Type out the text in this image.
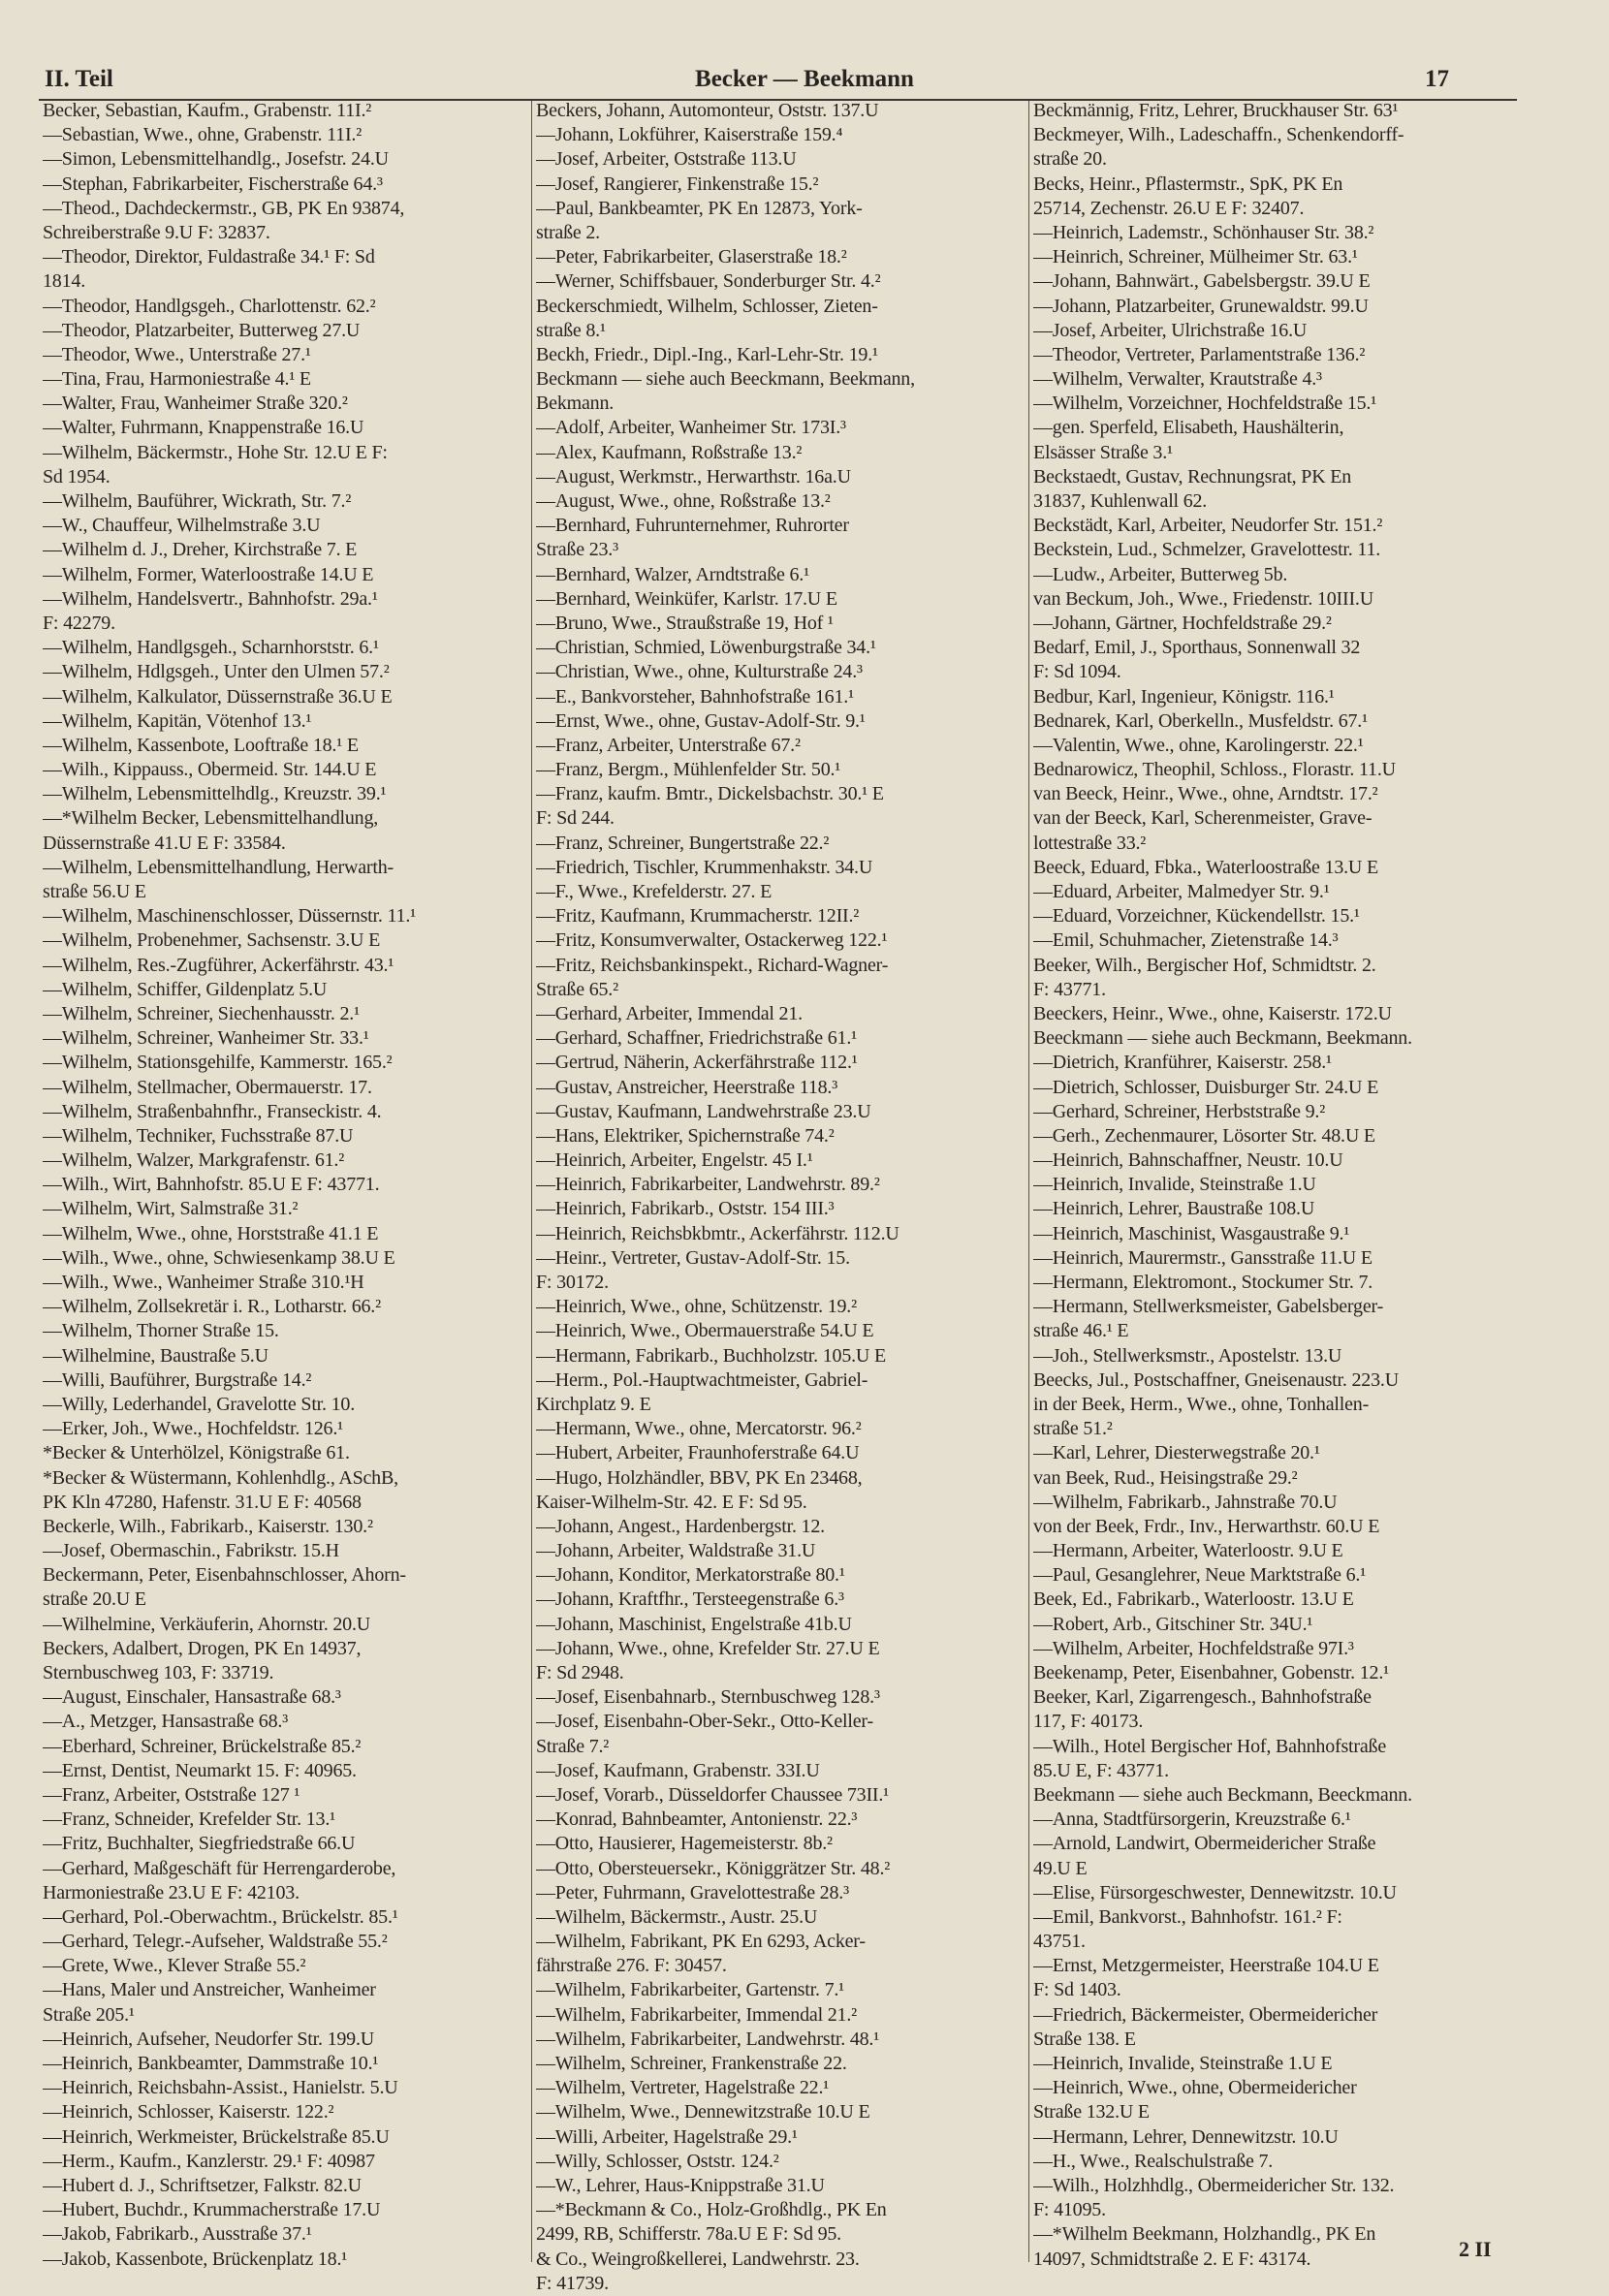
II. Teil	Becker — Beekmann	17
Becker, Sebastian, Kaufm., Grabenstr. 11I.²
—Sebastian, Wwe., ohne, Grabenstr. 11I.²
—Simon, Lebensmittelhandlg., Josefstr. 24.U
—Stephan, Fabrikarbeiter, Fischerstraße 64.³
—Theod., Dachdeckermstr., GB, PK En 93874,
Schreiberstraße 9.U F: 32837.
—Theodor, Direktor, Fuldastraße 34.¹ F: Sd
1814.
—Theodor, Handlgsgeh., Charlottenstr. 62.²
—Theodor, Platzarbeiter, Butterweg 27.U
—Theodor, Wwe., Unterstraße 27.¹
—Tina, Frau, Harmoniestraße 4.¹ E
—Walter, Frau, Wanheimer Straße 320.²
—Walter, Fuhrmann, Knappenstraße 16.U
—Wilhelm, Bäckermstr., Hohe Str. 12.U E F:
Sd 1954.
—Wilhelm, Bauführer, Wickrath, Str. 7.²
—W., Chauffeur, Wilhelmstraße 3.U
—Wilhelm d. J., Dreher, Kirchstraße 7. E
—Wilhelm, Former, Waterloostraße 14.U E
—Wilhelm, Handelsvertr., Bahnhofstr. 29a.¹
F: 42279.
—Wilhelm, Handlgsgeh., Scharnhorststr. 6.¹
—Wilhelm, Hdlgsgeh., Unter den Ulmen 57.²
—Wilhelm, Kalkulator, Düssernstraße 36.U E
—Wilhelm, Kapitän, Vötenhof 13.¹
—Wilhelm, Kassenbote, Looftraße 18.¹ E
—Wilh., Kippauss., Obermeid. Str. 144.U E
—Wilhelm, Lebensmittelhdlg., Kreuzstr. 39.¹
—*Wilhelm Becker, Lebensmittelhandlung,
Düssernstraße 41.U E F: 33584.
—Wilhelm, Lebensmittelhandlung, Herwarth-
straße 56.U E
—Wilhelm, Maschinenschlosser, Düssernstr. 11.¹
—Wilhelm, Probenehmer, Sachsenstr. 3.U E
—Wilhelm, Res.-Zugführer, Ackerfährstr. 43.¹
—Wilhelm, Schiffer, Gildenplatz 5.U
—Wilhelm, Schreiner, Siechenhausstr. 2.¹
—Wilhelm, Schreiner, Wanheimer Str. 33.¹
—Wilhelm, Stationsgehilfe, Kammerstr. 165.²
—Wilhelm, Stellmacher, Obermauerstr. 17.
—Wilhelm, Straßenbahnfhr., Franseckistr. 4.
—Wilhelm, Techniker, Fuchsstraße 87.U
—Wilhelm, Walzer, Markgrafenstr. 61.²
—Wilh., Wirt, Bahnhofstr. 85.U E F: 43771.
—Wilhelm, Wirt, Salmstraße 31.²
—Wilhelm, Wwe., ohne, Horststraße 41.1 E
—Wilh., Wwe., ohne, Schwiesenkamp 38.U E
—Wilh., Wwe., Wanheimer Straße 310.¹H
—Wilhelm, Zollsekretär i. R., Lotharstr. 66.²
—Wilhelm, Thorner Straße 15.
—Wilhelmine, Baustraße 5.U
—Willi, Bauführer, Burgstraße 14.²
—Willy, Lederhandel, Gravelotte Str. 10.
—Erker, Joh., Wwe., Hochfeldstr. 126.¹
*Becker & Unterhölzel, Königstraße 61.
*Becker & Wüstermann, Kohlenhdlg., ASchB,
PK Kln 47280, Hafenstr. 31.U E F: 40568
Beckerle, Wilh., Fabrikarb., Kaiserstr. 130.²
—Josef, Obermaschin., Fabrikstr. 15.H
Beckermann, Peter, Eisenbahnschlosser, Ahorn-
straße 20.U E
—Wilhelmine, Verkäuferin, Ahornstr. 20.U
Beckers, Adalbert, Drogen, PK En 14937,
Sternbuschweg 103, F: 33719.
—August, Einschaler, Hansastraße 68.³
—A., Metzger, Hansastraße 68.³
—Eberhard, Schreiner, Brückelstraße 85.²
—Ernst, Dentist, Neumarkt 15. F: 40965.
—Franz, Arbeiter, Oststraße 127 ¹
—Franz, Schneider, Krefelder Str. 13.¹
—Fritz, Buchhalter, Siegfriedstraße 66.U
—Gerhard, Maßgeschäft für Herrengarderobe,
Harmoniestraße 23.U E F: 42103.
—Gerhard, Pol.-Oberwachtm., Brückelstr. 85.¹
—Gerhard, Telegr.-Aufseher, Waldstraße 55.²
—Grete, Wwe., Klever Straße 55.²
—Hans, Maler und Anstreicher, Wanheimer
Straße 205.¹
—Heinrich, Aufseher, Neudorfer Str. 199.U
—Heinrich, Bankbeamter, Dammstraße 10.¹
—Heinrich, Reichsbahn-Assist., Hanielstr. 5.U
—Heinrich, Schlosser, Kaiserstr. 122.²
—Heinrich, Werkmeister, Brückelstraße 85.U
—Herm., Kaufm., Kanzlerstr. 29.¹ F: 40987
—Hubert d. J., Schriftsetzer, Falkstr. 82.U
—Hubert, Buchdr., Krummacherstraße 17.U
—Jakob, Fabrikarb., Ausstraße 37.¹
—Jakob, Kassenbote, Brückenplatz 18.¹
Beckers, Johann, Automonteur, Oststr. 137.U
—Johann, Lokführer, Kaiserstraße 159.⁴
—Josef, Arbeiter, Oststraße 113.U
—Josef, Rangierer, Finkenstraße 15.²
—Paul, Bankbeamter, PK En 12873, York-
straße 2.
—Peter, Fabrikarbeiter, Glaserstraße 18.²
—Werner, Schiffsbauer, Sonderburger Str. 4.²
Beckerschmiedt, Wilhelm, Schlosser, Zieten-
straße 8.¹
Beckh, Friedr., Dipl.-Ing., Karl-Lehr-Str. 19.¹
Beckmann — siehe auch Beeckmann, Beekmann,
Bekmann.
—Adolf, Arbeiter, Wanheimer Str. 173I.³
—Alex, Kaufmann, Roßstraße 13.²
—August, Werkmstr., Herwarthstr. 16a.U
—August, Wwe., ohne, Roßstraße 13.²
—Bernhard, Fuhrunternehmer, Ruhrorter
Straße 23.³
—Bernhard, Walzer, Arndtstraße 6.¹
—Bernhard, Weinküfer, Karlstr. 17.U E
—Bruno, Wwe., Straußstraße 19, Hof ¹
—Christian, Schmied, Löwenburgstraße 34.¹
—Christian, Wwe., ohne, Kulturstraße 24.³
—E., Bankvorsteher, Bahnhofstraße 161.¹
—Ernst, Wwe., ohne, Gustav-Adolf-Str. 9.¹
—Franz, Arbeiter, Unterstraße 67.²
—Franz, Bergm., Mühlenfelder Str. 50.¹
—Franz, kaufm. Bmtr., Dickelsbachstr. 30.¹ E
F: Sd 244.
—Franz, Schreiner, Bungertstraße 22.²
—Friedrich, Tischler, Krummenhakstr. 34.U
—F., Wwe., Krefelderstr. 27. E
—Fritz, Kaufmann, Krummacherstr. 12II.²
—Fritz, Konsumverwalter, Ostackerweg 122.¹
—Fritz, Reichsbankinspekt., Richard-Wagner-
Straße 65.²
—Gerhard, Arbeiter, Immendal 21.
—Gerhard, Schaffner, Friedrichstraße 61.¹
—Gertrud, Näherin, Ackerfährstraße 112.¹
—Gustav, Anstreicher, Heerstraße 118.³
—Gustav, Kaufmann, Landwehrstraße 23.U
—Hans, Elektriker, Spichernstraße 74.²
—Heinrich, Arbeiter, Engelstr. 45 I.¹
—Heinrich, Fabrikarbeiter, Landwehrstr. 89.²
—Heinrich, Fabrikarb., Oststr. 154 III.³
—Heinrich, Reichsbkbmtr., Ackerfährstr. 112.U
—Heinr., Vertreter, Gustav-Adolf-Str. 15.
F: 30172.
—Heinrich, Wwe., ohne, Schützenstr. 19.²
—Heinrich, Wwe., Obermauerstraße 54.U E
—Hermann, Fabrikarb., Buchholzstr. 105.U E
—Herm., Pol.-Hauptwachtmeister, Gabriel-
Kirchplatz 9. E
—Hermann, Wwe., ohne, Mercatorstr. 96.²
—Hubert, Arbeiter, Fraunhoferstraße 64.U
—Hugo, Holzhändler, BBV, PK En 23468,
Kaiser-Wilhelm-Str. 42. E F: Sd 95.
—Johann, Angest., Hardenbergstr. 12.
—Johann, Arbeiter, Waldstraße 31.U
—Johann, Konditor, Merkatorstraße 80.¹
—Johann, Kraftfhr., Tersteegenstraße 6.³
—Johann, Maschinist, Engelstraße 41b.U
—Johann, Wwe., ohne, Krefelder Str. 27.U E
F: Sd 2948.
—Josef, Eisenbahnarb., Sternbuschweg 128.³
—Josef, Eisenbahn-Ober-Sekr., Otto-Keller-
Straße 7.²
—Josef, Kaufmann, Grabenstr. 33I.U
—Josef, Vorarb., Düsseldorfer Chaussee 73II.¹
—Konrad, Bahnbeamter, Antonienstr. 22.³
—Otto, Hausierer, Hagemeisterstr. 8b.²
—Otto, Obersteuersekr., Königgrätzer Str. 48.²
—Peter, Fuhrmann, Gravelottestraße 28.³
—Wilhelm, Bäckermstr., Austr. 25.U
—Wilhelm, Fabrikant, PK En 6293, Acker-
fährstraße 276. F: 30457.
—Wilhelm, Fabrikarbeiter, Gartenstr. 7.¹
—Wilhelm, Fabrikarbeiter, Immendal 21.²
—Wilhelm, Fabrikarbeiter, Landwehrstr. 48.¹
—Wilhelm, Schreiner, Frankenstraße 22.
—Wilhelm, Vertreter, Hagelstraße 22.¹
—Wilhelm, Wwe., Dennewitzstraße 10.U E
—Willi, Arbeiter, Hagelstraße 29.¹
—Willy, Schlosser, Oststr. 124.²
—W., Lehrer, Haus-Knippstraße 31.U
—*Beckmann & Co., Holz-Großhdlg., PK En
2499, RB, Schifferstr. 78a.U E F: Sd 95.
& Co., Weingroßkellerei, Landwehrstr. 23.
F: 41739.
Beckmännig, Fritz, Lehrer, Bruckhauser Str. 63¹
Beckmeyer, Wilh., Ladeschaffn., Schenkendorff-
straße 20.
Becks, Heinr., Pflastermstr., SpK, PK En
25714, Zechenstr. 26.U E F: 32407.
—Heinrich, Lademstr., Schönhauser Str. 38.²
—Heinrich, Schreiner, Mülheimer Str. 63.¹
—Johann, Bahnwärt., Gabelsbergstr. 39.U E
—Johann, Platzarbeiter, Grunewaldstr. 99.U
—Josef, Arbeiter, Ulrichstraße 16.U
—Theodor, Vertreter, Parlamentstraße 136.²
—Wilhelm, Verwalter, Krautstraße 4.³
—Wilhelm, Vorzeichner, Hochfeldstraße 15.¹
—gen. Sperfeld, Elisabeth, Haushälterin,
Elsässer Straße 3.¹
Beckstaedt, Gustav, Rechnungsrat, PK En
31837, Kuhlenwall 62.
Beckstädt, Karl, Arbeiter, Neudorfer Str. 151.²
Beckstein, Lud., Schmelzer, Gravelottestr. 11.
—Ludw., Arbeiter, Butterweg 5b.
van Beckum, Joh., Wwe., Friedenstr. 10III.U
—Johann, Gärtner, Hochfeldstraße 29.²
Bedarf, Emil, J., Sporthaus, Sonnenwall 32
F: Sd 1094.
Bedbur, Karl, Ingenieur, Königstr. 116.¹
Bednarek, Karl, Oberkelln., Musfeldstr. 67.¹
—Valentin, Wwe., ohne, Karolingerstr. 22.¹
Bednarowicz, Theophil, Schloss., Florastr. 11.U
van Beeck, Heinr., Wwe., ohne, Arndtstr. 17.²
van der Beeck, Karl, Scherenmeister, Grave-
lottestraße 33.²
Beeck, Eduard, Fbka., Waterloostraße 13.U E
—Eduard, Arbeiter, Malmedyer Str. 9.¹
—Eduard, Vorzeichner, Kückendellstr. 15.¹
—Emil, Schuhmacher, Zietenstraße 14.³
Beeker, Wilh., Bergischer Hof, Schmidtstr. 2.
F: 43771.
Beeckers, Heinr., Wwe., ohne, Kaiserstr. 172.U
Beeckmann — siehe auch Beckmann, Beekmann.
—Dietrich, Kranführer, Kaiserstr. 258.¹
—Dietrich, Schlosser, Duisburger Str. 24.U E
—Gerhard, Schreiner, Herbststraße 9.²
—Gerh., Zechenmaurer, Lösorter Str. 48.U E
—Heinrich, Bahnschaffner, Neustr. 10.U
—Heinrich, Invalide, Steinstraße 1.U
—Heinrich, Lehrer, Baustraße 108.U
—Heinrich, Maschinist, Wasgaustraße 9.¹
—Heinrich, Maurermstr., Gansstraße 11.U E
—Hermann, Elektromont., Stockumer Str. 7.
—Hermann, Stellwerksmeister, Gabelsberger-
straße 46.¹ E
—Joh., Stellwerksmstr., Apostelstr. 13.U
Beecks, Jul., Postschaffner, Gneisenaustr. 223.U
in der Beek, Herm., Wwe., ohne, Tonhallen-
straße 51.²
—Karl, Lehrer, Diesterwegstraße 20.¹
van Beek, Rud., Heisingstraße 29.²
—Wilhelm, Fabrikarb., Jahnstraße 70.U
von der Beek, Frdr., Inv., Herwarthstr. 60.U E
—Hermann, Arbeiter, Waterloostr. 9.U E
—Paul, Gesanglehrer, Neue Marktstraße 6.¹
Beek, Ed., Fabrikarb., Waterloostr. 13.U E
—Robert, Arb., Gitschiner Str. 34U.¹
—Wilhelm, Arbeiter, Hochfeldstraße 97I.³
Beekenamp, Peter, Eisenbahner, Gobenstr. 12.¹
Beeker, Karl, Zigarrengesch., Bahnhofstraße
117, F: 40173.
—Wilh., Hotel Bergischer Hof, Bahnhofstraße
85.U E, F: 43771.
Beekmann — siehe auch Beckmann, Beeckmann.
—Anna, Stadtfürsorgerin, Kreuzstraße 6.¹
—Arnold, Landwirt, Obermeidericher Straße
49.U E
—Elise, Fürsorgeschwester, Dennewitzstr. 10.U
—Emil, Bankvorst., Bahnhofstr. 161.² F:
43751.
—Ernst, Metzgermeister, Heerstraße 104.U E
F: Sd 1403.
—Friedrich, Bäckermeister, Obermeidericher
Straße 138. E
—Heinrich, Invalide, Steinstraße 1.U E
—Heinrich, Wwe., ohne, Obermeidericher
Straße 132.U E
—Hermann, Lehrer, Dennewitzstr. 10.U
—H., Wwe., Realschulstraße 7.
—Wilh., Holzhhdlg., Obermeidericher Str. 132.
F: 41095.
—*Wilhelm Beekmann, Holzhandlg., PK En
14097, Schmidtstraße 2. E F: 43174.	2 II
